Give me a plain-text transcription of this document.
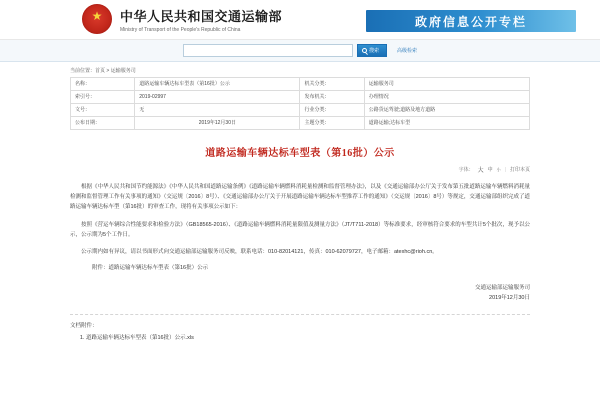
★
中华人民共和国交通运输部
Ministry of Transport of the People's Republic of China
政府信息公开专栏
搜索	高级检索
当前位置：首页 > 运输服务司
名称：	道路运输车辆达标车型表（第16批）公示	机关分类：	运输服务司
索引号：	2019-02997	发布机关：	办理情况
文号：	无	行业分类：	公路货运驾驶;道路及地方道路
公布日期：	2019年12月30日	主题分类：	道路运输;达标车型
道路运输车辆达标车型表（第16批）公示
字体： 大 中 小 | 打印本页

根据《中华人民共和国节约能源法》《中华人民共和国道路运输条例》《道路运输车辆燃料消耗量检测和监督管理办法》，以及《交通运输部办公厅关于发布第五批道路运输车辆燃料消耗量检测和监督管理工作有关事项的通知》（交运规〔2016〕8号）、《交通运输部办公厅关于开展道路运输车辆达标车型推荐工作的通知》（交运规〔2016〕8号）等规定，交通运输部组织完成了道路运输车辆达标车型（第16批）的审查工作，现将有关事项公示如下：

按照《营运车辆综合性能要求和检验方法》（GB18565-2016）、《道路运输车辆燃料消耗量限值及测量方法》（JT/T711-2018）等标准要求，经审核符合要求的车型共计5个批次，现予以公示，公示期为5个工作日。

公示期内如有异议，请以书面形式向交通运输部运输服务司反映，联系电话：010-82014121，传真：010-62079727，电子邮箱：atexhc@rioh.cn。

附件：道路运输车辆达标车型表（第16批）公示
交通运输部运输服务司
2019年12月30日
文档附件：
1. 道路运输车辆达标车型表（第16批）公示.xls
